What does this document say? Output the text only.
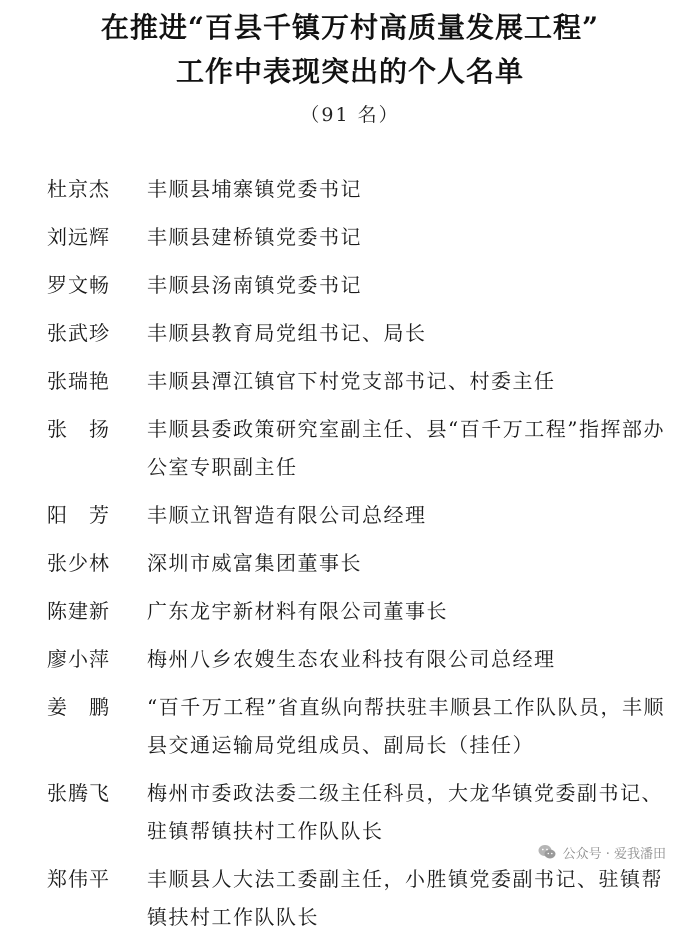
在推进“百县千镇万村高质量发展工程”
工作中表现突出的个人名单
（91 名）
杜京杰	丰顺县埔寨镇党委书记
刘远辉	丰顺县建桥镇党委书记
罗文畅	丰顺县汤南镇党委书记
张武珍	丰顺县教育局党组书记、局长
张瑞艳	丰顺县潭江镇官下村党支部书记、村委主任
张　扬	丰顺县委政策研究室副主任、县“百千万工程”指挥部办公室专职副主任
阳　芳	丰顺立讯智造有限公司总经理
张少林	深圳市威富集团董事长
陈建新	广东龙宇新材料有限公司董事长
廖小萍	梅州八乡农嫂生态农业科技有限公司总经理
姜　鹏	“百千万工程”省直纵向帮扶驻丰顺县工作队队员，丰顺县交通运输局党组成员、副局长（挂任）
张腾飞	梅州市委政法委二级主任科员，大龙华镇党委副书记、驻镇帮镇扶村工作队队长
郑伟平	丰顺县人大法工委副主任，小胜镇党委副书记、驻镇帮镇扶村工作队队长
公众号 · 爱我潘田
